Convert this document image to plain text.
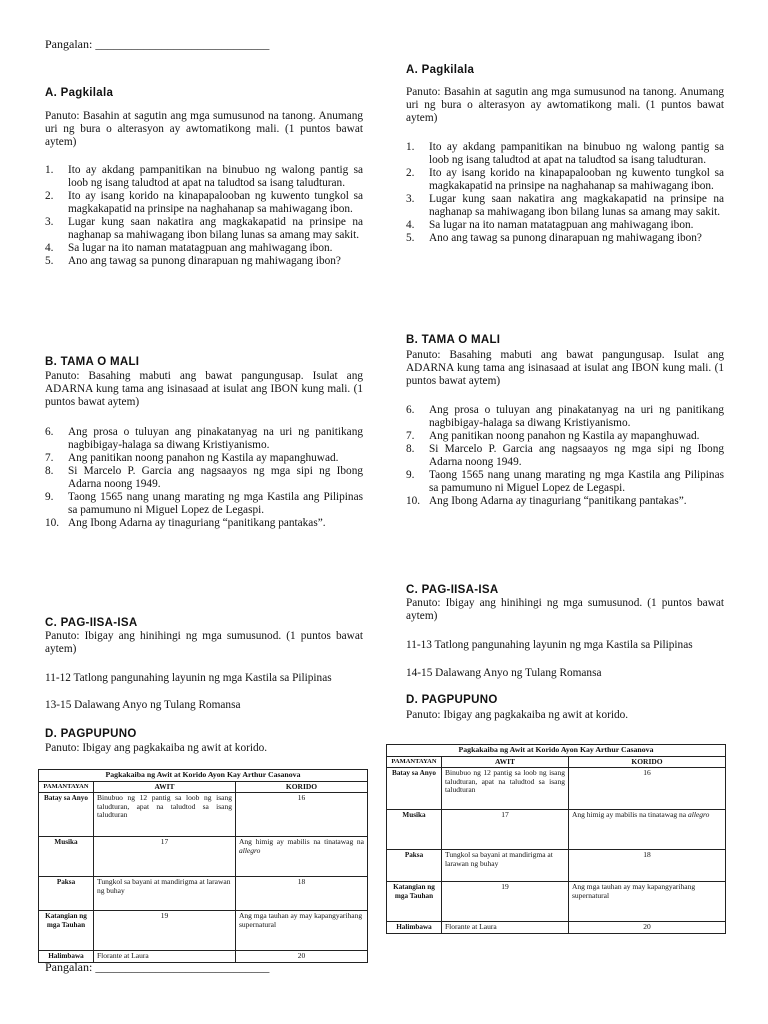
Pangalan: _____________________________
A. Pagkilala
Panuto: Basahin at sagutin ang mga sumusunod na tanong. Anumang uri ng bura o alterasyon ay awtomatikong mali. (1 puntos bawat aytem)
1. Ito ay akdang pampanitikan na binubuo ng walong pantig sa loob ng isang taludtod at apat na taludtod sa isang taludturan.
2. Ito ay isang korido na kinapapalooban ng kuwento tungkol sa magkakapatid na prinsipe na naghahanap sa mahiwagang ibon.
3. Lugar kung saan nakatira ang magkakapatid na prinsipe na naghanap sa mahiwagang ibon bilang lunas sa amang may sakit.
4. Sa lugar na ito naman matatagpuan ang mahiwagang ibon.
5. Ano ang tawag sa punong dinarapuan ng mahiwagang ibon?
B. TAMA O MALI
Panuto: Basahing mabuti ang bawat pangungusap. Isulat ang ADARNA kung tama ang isinasaad at isulat ang IBON kung mali. (1 puntos bawat aytem)
6. Ang prosa o tuluyan ang pinakatanyag na uri ng panitikang nagbibigay-halaga sa diwang Kristiyanismo.
7. Ang panitikan noong panahon ng Kastila ay mapanghuwad.
8. Si Marcelo P. Garcia ang nagsaayos ng mga sipi ng Ibong Adarna noong 1949.
9. Taong 1565 nang unang marating ng mga Kastila ang Pilipinas sa pamumuno ni Miguel Lopez de Legaspi.
10. Ang Ibong Adarna ay tinaguriang “panitikang pantakas”.
C. PAG-IISA-ISA
Panuto: Ibigay ang hinihingi ng mga sumusunod. (1 puntos bawat aytem)
11-12 Tatlong pangunahing layunin ng mga Kastila sa Pilipinas
13-15 Dalawang Anyo ng Tulang Romansa
D. PAGPUPUNO
Panuto: Ibigay ang pagkakaiba ng awit at korido.
Pagkakaiba ng Awit at Korido Ayon Kay Arthur Casanova		
PAMANTAYAN	AWIT	KORIDO
Batay sa Anyo	Binubuo ng 12 pantig sa loob ng isang taludturan, apat na taludtod sa isang taludturan	16
Musika	17	Ang himig ay mabilis na tinatawag na allegro
Paksa	Tungkol sa bayani at mandirigma at larawan ng buhay	18
Katangian ng mga Tauhan	19	Ang mga tauhan ay may kapangyarihang supernatural
Halimbawa	Florante at Laura	20
Pangalan: _____________________________
A. Pagkilala
Panuto: Basahin at sagutin ang mga sumusunod na tanong. Anumang uri ng bura o alterasyon ay awtomatikong mali. (1 puntos bawat aytem)
1. Ito ay akdang pampanitikan na binubuo ng walong pantig sa loob ng isang taludtod at apat na taludtod sa isang taludturan.
2. Ito ay isang korido na kinapapalooban ng kuwento tungkol sa magkakapatid na prinsipe na naghahanap sa mahiwagang ibon.
3. Lugar kung saan nakatira ang magkakapatid na prinsipe na naghanap sa mahiwagang ibon bilang lunas sa amang may sakit.
4. Sa lugar na ito naman matatagpuan ang mahiwagang ibon.
5. Ano ang tawag sa punong dinarapuan ng mahiwagang ibon?
B. TAMA O MALI
Panuto: Basahing mabuti ang bawat pangungusap. Isulat ang ADARNA kung tama ang isinasaad at isulat ang IBON kung mali. (1 puntos bawat aytem)
6. Ang prosa o tuluyan ang pinakatanyag na uri ng panitikang nagbibigay-halaga sa diwang Kristiyanismo.
7. Ang panitikan noong panahon ng Kastila ay mapanghuwad.
8. Si Marcelo P. Garcia ang nagsaayos ng mga sipi ng Ibong Adarna noong 1949.
9. Taong 1565 nang unang marating ng mga Kastila ang Pilipinas sa pamumuno ni Miguel Lopez de Legaspi.
10. Ang Ibong Adarna ay tinaguriang “panitikang pantakas”.
C. PAG-IISA-ISA
Panuto: Ibigay ang hinihingi ng mga sumusunod. (1 puntos bawat aytem)
11-13 Tatlong pangunahing layunin ng mga Kastila sa Pilipinas
14-15 Dalawang Anyo ng Tulang Romansa
D. PAGPUPUNO
Panuto: Ibigay ang pagkakaiba ng awit at korido.
Pagkakaiba ng Awit at Korido Ayon Kay Arthur Casanova		
PAMANTAYAN	AWIT	KORIDO
Batay sa Anyo	Binubuo ng 12 pantig sa loob ng isang taludturan, apat na taludtod sa isang taludturan	16
Musika	17	Ang himig ay mabilis na tinatawag na allegro
Paksa	Tungkol sa bayani at mandirigma at larawan ng buhay	18
Katangian ng mga Tauhan	19	Ang mga tauhan ay may kapangyarihang supernatural
Halimbawa	Florante at Laura	20
